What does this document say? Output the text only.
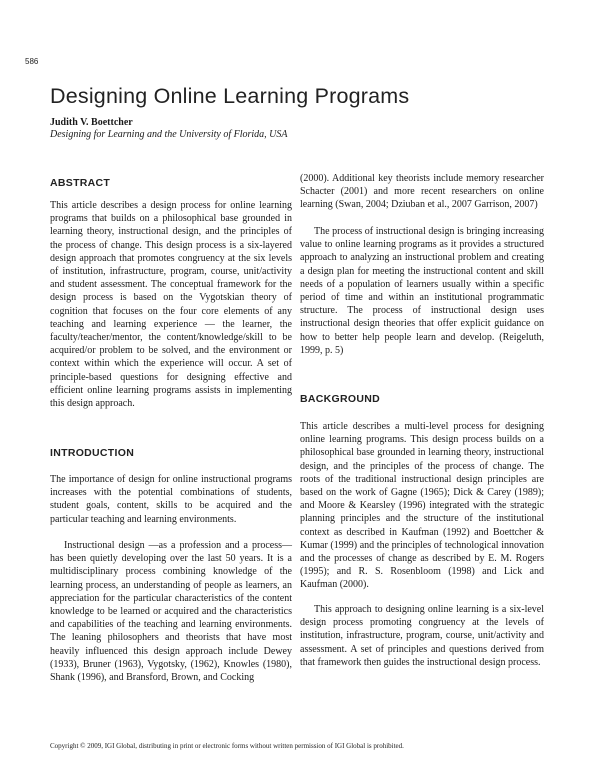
586
Designing Online Learning Programs
Judith V. Boettcher
Designing for Learning and the University of Florida, USA
ABSTRACT

This article describes a design process for online learning programs that builds on a philosophical base grounded in learning theory, instructional design, and the principles of the process of change. This design process is a six-layered design approach that promotes congruency at the six levels of institution, infrastructure, program, course, unit/activity and student assessment. The conceptual framework for the design process is based on the Vygotskian theory of cognition that focuses on the four core elements of any teaching and learning experience — the learner, the faculty/teacher/mentor, the content/knowledge/skill to be acquired/or problem to be solved, and the environment or context within which the experience will occur. A set of principle-based questions for designing effective and efficient online learning programs assists in implementing this design approach.

INTRODUCTION

The importance of design for online instructional programs increases with the potential combinations of students, student goals, content, skills to be acquired and the particular teaching and learning environments.

Instructional design —as a profession and a process— has been quietly developing over the last 50 years. It is a multidisciplinary process combining knowledge of the learning process, an understanding of people as learners, an appreciation for the particular characteristics of the content knowledge to be learned or acquired and the characteristics and capabilities of the teaching and learning environments. The leaning philosophers and theorists that have most heavily influenced this design approach include Dewey (1933), Bruner (1963), Vygotsky, (1962), Knowles (1980), Shank (1996), and Bransford, Brown, and Cocking

(2000). Additional key theorists include memory researcher Schacter (2001) and more recent researchers on online learning (Swan, 2004; Dziuban et al., 2007 Garrison, 2007)

The process of instructional design is bringing increasing value to online learning programs as it provides a structured approach to analyzing an instructional problem and creating a design plan for meeting the instructional content and skill needs of a population of learners usually within a specific period of time and within an institutional programmatic structure. The process of instructional design uses instructional design theories that offer explicit guidance on how to better help people learn and develop. (Reigeluth, 1999, p. 5)

BACKGROUND

This article describes a multi-level process for designing online learning programs. This design process builds on a philosophical base grounded in learning theory, instructional design, and the principles of the process of change. The roots of the traditional instructional design principles are based on the work of Gagne (1965); Dick & Carey (1989); and Moore & Kearsley (1996) integrated with the strategic planning principles and the structure of the institutional context as described in Kaufman (1992) and Boettcher & Kumar (1999) and the principles of technological innovation and the processes of change as described by E. M. Rogers (1995); and R. S. Rosenbloom (1998) and Lick and Kaufman (2000).

This approach to designing online learning is a six-level design process promoting congruency at the levels of institution, infrastructure, program, course, unit/activity and assessment. A set of principles and questions derived from that framework then guides the instructional design process.

Copyright © 2009, IGI Global, distributing in print or electronic forms without written permission of IGI Global is prohibited.
